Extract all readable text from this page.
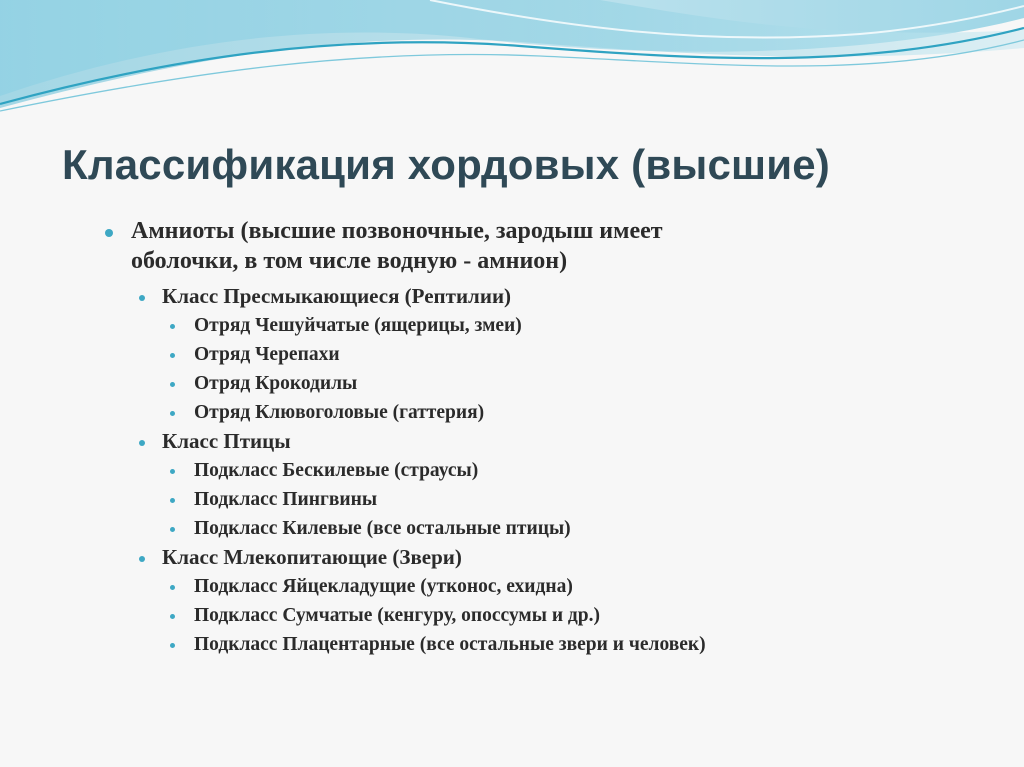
Классификация хордовых (высшие)
Амниоты (высшие позвоночные, зародыш имеет
оболочки, в том числе водную - амнион)
Класс Пресмыкающиеся (Рептилии)
Отряд Чешуйчатые (ящерицы, змеи)
Отряд Черепахи
Отряд Крокодилы
Отряд Клювоголовые (гаттерия)
Класс Птицы
Подкласс Бескилевые (страусы)
Подкласс Пингвины
Подкласс Килевые (все остальные птицы)
Класс Млекопитающие (Звери)
Подкласс Яйцекладущие (утконос, ехидна)
Подкласс Сумчатые (кенгуру, опоссумы и др.)
Подкласс Плацентарные (все остальные звери и человек)
